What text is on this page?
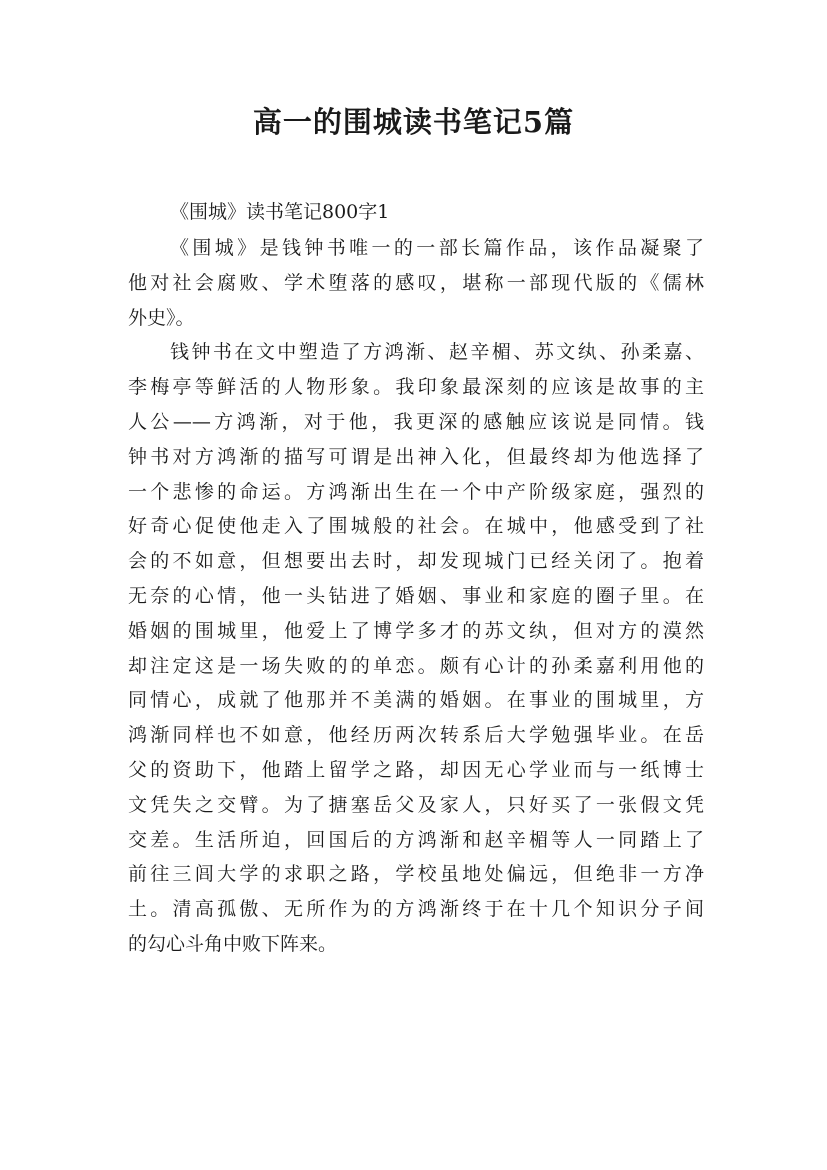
高一的围城读书笔记5篇

《围城》读书笔记800字1

《围城》是钱钟书唯一的一部长篇作品，该作品凝聚了
他对社会腐败、学术堕落的感叹，堪称一部现代版的《儒林
外史》。
钱钟书在文中塑造了方鸿渐、赵辛楣、苏文纨、孙柔嘉、
李梅亭等鲜活的人物形象。我印象最深刻的应该是故事的主
人公——方鸿渐，对于他，我更深的感触应该说是同情。钱
钟书对方鸿渐的描写可谓是出神入化，但最终却为他选择了
一个悲惨的命运。方鸿渐出生在一个中产阶级家庭，强烈的
好奇心促使他走入了围城般的社会。在城中，他感受到了社
会的不如意，但想要出去时，却发现城门已经关闭了。抱着
无奈的心情，他一头钻进了婚姻、事业和家庭的圈子里。在
婚姻的围城里，他爱上了博学多才的苏文纨，但对方的漠然
却注定这是一场失败的的单恋。颇有心计的孙柔嘉利用他的
同情心，成就了他那并不美满的婚姻。在事业的围城里，方
鸿渐同样也不如意，他经历两次转系后大学勉强毕业。在岳
父的资助下，他踏上留学之路，却因无心学业而与一纸博士
文凭失之交臂。为了搪塞岳父及家人，只好买了一张假文凭
交差。生活所迫，回国后的方鸿渐和赵辛楣等人一同踏上了
前往三闾大学的求职之路，学校虽地处偏远，但绝非一方净
土。清高孤傲、无所作为的方鸿渐终于在十几个知识分子间
的勾心斗角中败下阵来。
